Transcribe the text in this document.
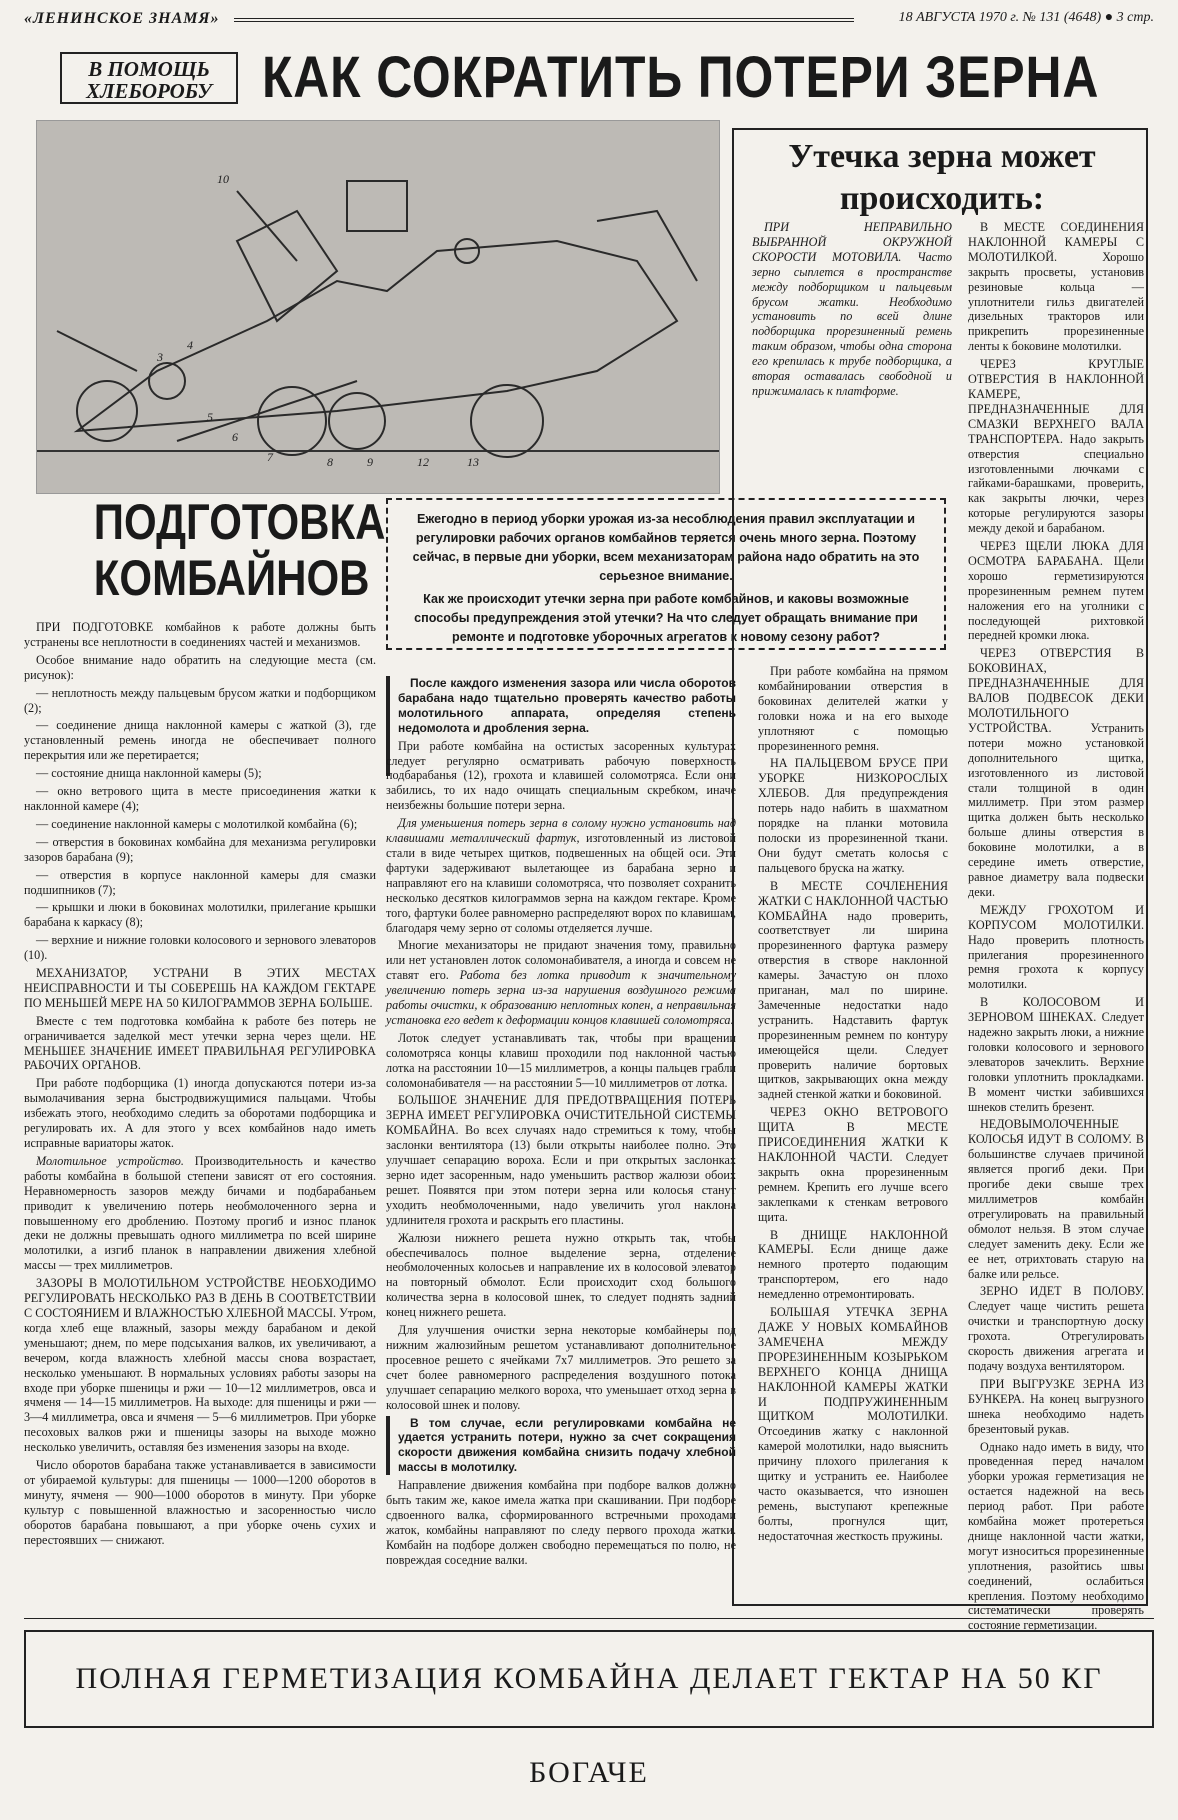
«ЛЕНИНСКОЕ ЗНАМЯ»	18 АВГУСТА 1970 г. № 131 (4648) ● 3 стр.
В ПОМОЩЬ ХЛЕБОРОБУ КАК СОКРАТИТЬ ПОТЕРИ ЗЕРНА
10
3
4
5
6
7	8	9	12	13
ПОДГОТОВКА КОМБАЙНОВ

Ежегодно в период уборки урожая из-за несоблюдения правил эксплуатации и регулировки рабочих органов комбайнов теряется очень много зерна. Поэтому сейчас, в первые дни уборки, всем механизаторам района надо обратить на это серьезное внимание.

Как же происходит утечки зерна при работе комбайнов, и каковы возможные способы предупреждения этой утечки? На что следует обращать внимание при ремонте и подготовке уборочных агрегатов к новому сезону работ?

Утечка зерна может происходить:

ПРИ НЕПРАВИЛЬНО ВЫБРАННОЙ ОКРУЖНОЙ СКОРОСТИ МОТОВИЛА. Часто зерно сыплется в пространстве между подборщиком и пальцевым брусом жатки. Необходимо установить по всей длине подборщика прорезиненный ремень таким образом, чтобы одна сторона его крепилась к трубе подборщика, а вторая оставалась свободной и прижималась к платформе.

При работе комбайна на прямом комбайнировании отверстия в боковинах делителей жатки у головки ножа и на его выходе уплотняют с помощью прорезиненного ремня.

НА ПАЛЬЦЕВОМ БРУСЕ ПРИ УБОРКЕ НИЗКОРОСЛЫХ ХЛЕБОВ. Для предупреждения потерь надо набить в шахматном порядке на планки мотовила полоски из прорезиненной ткани. Они будут сметать колосья с пальцевого бруска на жатку.

В МЕСТЕ СОЧЛЕНЕНИЯ ЖАТКИ С НАКЛОННОЙ ЧАСТЬЮ КОМБАЙНА надо проверить, соответствует ли ширина прорезиненного фартука размеру отверстия в створе наклонной камеры. Зачастую он плохо приганан, мал по ширине. Замеченные недостатки надо устранить. Надставить фартук прорезиненным ремнем по контуру имеющейся щели. Следует проверить наличие бортовых щитков, закрывающих окна между задней стенкой жатки и боковиной.

ЧЕРЕЗ ОКНО ВЕТРОВОГО ЩИТА В МЕСТЕ ПРИСОЕДИНЕНИЯ ЖАТКИ К НАКЛОННОЙ ЧАСТИ. Следует закрыть окна прорезиненным ремнем. Крепить его лучше всего заклепками к стенкам ветрового щита.

В ДНИЩЕ НАКЛОННОЙ КАМЕРЫ. Если днище даже немного протерто подающим транспортером, его надо немедленно отремонтировать.

БОЛЬШАЯ УТЕЧКА ЗЕРНА ДАЖЕ У НОВЫХ КОМБАЙНОВ ЗАМЕЧЕНА МЕЖДУ ПРОРЕЗИНЕННЫМ КОЗЫРЬКОМ ВЕРХНЕГО КОНЦА ДНИЩА НАКЛОННОЙ КАМЕРЫ ЖАТКИ И ПОДПРУЖИНЕННЫМ ЩИТКОМ МОЛОТИЛКИ. Отсоединив жатку с наклонной камерой молотилки, надо выяснить причину плохого прилегания к щитку и устранить ее. Наиболее часто оказывается, что изношен ремень, выступают крепежные болты, прогнулся щит, недостаточная жесткость пружины.

В МЕСТЕ СОЕДИНЕНИЯ НАКЛОННОЙ КАМЕРЫ С МОЛОТИЛКОЙ. Хорошо закрыть просветы, установив резиновые кольца — уплотнители гильз двигателей дизельных тракторов или прикрепить прорезиненные ленты к боковине молотилки.

ЧЕРЕЗ КРУГЛЫЕ ОТВЕРСТИЯ В НАКЛОННОЙ КАМЕРЕ, ПРЕДНАЗНАЧЕННЫЕ ДЛЯ СМАЗКИ ВЕРХНЕГО ВАЛА ТРАНСПОРТЕРА. Надо закрыть отверстия специально изготовленными лючками с гайками-барашками, проверить, как закрыты лючки, через которые регулируются зазоры между декой и барабаном.

ЧЕРЕЗ ЩЕЛИ ЛЮКА ДЛЯ ОСМОТРА БАРАБАНА. Щели хорошо герметизируются прорезиненным ремнем путем наложения его на уголники с последующей рихтовкой передней кромки люка.

ЧЕРЕЗ ОТВЕРСТИЯ В БОКОВИНАХ, ПРЕДНАЗНАЧЕННЫЕ ДЛЯ ВАЛОВ ПОДВЕСОК ДЕКИ МОЛОТИЛЬНОГО УСТРОЙСТВА. Устранить потери можно установкой дополнительного щитка, изготовленного из листовой стали толщиной в один миллиметр. При этом размер щитка должен быть несколько больше длины отверстия в боковине молотилки, а в середине иметь отверстие, равное диаметру вала подвески деки.

МЕЖДУ ГРОХОТОМ И КОРПУСОМ МОЛОТИЛКИ. Надо проверить плотность прилегания прорезиненного ремня грохота к корпусу молотилки.

В КОЛОСОВОМ И ЗЕРНОВОМ ШНЕКАХ. Следует надежно закрыть люки, а нижние головки колосового и зернового элеваторов зачеклить. Верхние головки уплотнить прокладками. В момент чистки забившихся шнеков стелить брезент.

НЕДОВЫМОЛОЧЕННЫЕ КОЛОСЬЯ ИДУТ В СОЛОМУ. В большинстве случаев причиной является прогиб деки. При прогибе деки свыше трех миллиметров комбайн отрегулировать на правильный обмолот нельзя. В этом случае следует заменить деку. Если же ее нет, отрихтовать старую на балке или рельсе.

ЗЕРНО ИДЕТ В ПОЛОВУ. Следует чаще чистить решета очистки и транспортную доску грохота. Отрегулировать скорость движения агрегата и подачу воздуха вентилятором.

ПРИ ВЫГРУЗКЕ ЗЕРНА ИЗ БУНКЕРА. На конец выгрузного шнека необходимо надеть брезентовый рукав.

Однако надо иметь в виду, что проведенная перед началом уборки урожая герметизация не остается надежной на весь период работ. При работе комбайна может протереться днище наклонной части жатки, могут износиться прорезиненные уплотнения, разойтись швы соединений, ослабиться крепления. Поэтому необходимо систематически проверять состояние герметизации.

ПРИ ПОДГОТОВКЕ комбайнов к работе должны быть устранены все неплотности в соединениях частей и механизмов.

Особое внимание надо обратить на следующие места (см. рисунок):

— неплотность между пальцевым брусом жатки и подборщиком (2);

— соединение днища наклонной камеры с жаткой (3), где установленный ремень иногда не обеспечивает полного перекрытия или же перетирается;

— состояние днища наклонной камеры (5);

— окно ветрового щита в месте присоединения жатки к наклонной камере (4);

— соединение наклонной камеры с молотилкой комбайна (6);

— отверстия в боковинах комбайна для механизма регулировки зазоров барабана (9);

— отверстия в корпусе наклонной камеры для смазки подшипников (7);

— крышки и люки в боковинах молотилки, прилегание крышки барабана к каркасу (8);

— верхние и нижние головки колосового и зернового элеваторов (10).

МЕХАНИЗАТОР, УСТРАНИ В ЭТИХ МЕСТАХ НЕИСПРАВНОСТИ И ТЫ СОБЕРЕШЬ НА КАЖДОМ ГЕКТАРЕ ПО МЕНЬШЕЙ МЕРЕ НА 50 КИЛОГРАММОВ ЗЕРНА БОЛЬШЕ.

Вместе с тем подготовка комбайна к работе без потерь не ограничивается заделкой мест утечки зерна через щели. НЕ МЕНЬШЕЕ ЗНАЧЕНИЕ ИМЕЕТ ПРАВИЛЬНАЯ РЕГУЛИРОВКА РАБОЧИХ ОРГАНОВ.

При работе подборщика (1) иногда допускаются потери из-за вымолачивания зерна быстродвижущимися пальцами. Чтобы избежать этого, необходимо следить за оборотами подборщика и регулировать их. А для этого у всех комбайнов надо иметь исправные вариаторы жаток.

Молотильное устройство. Производительность и качество работы комбайна в большой степени зависят от его состояния. Неравномерность зазоров между бичами и подбарабаньем приводит к увеличению потерь необмолоченного зерна и повышенному его дроблению. Поэтому прогиб и износ планок деки не должны превышать одного миллиметра по всей ширине молотилки, а изгиб планок в направлении движения хлебной массы — трех миллиметров.

ЗАЗОРЫ В МОЛОТИЛЬНОМ УСТРОЙСТВЕ НЕОБХОДИМО РЕГУЛИРОВАТЬ НЕСКОЛЬКО РАЗ В ДЕНЬ В СООТВЕТСТВИИ С СОСТОЯНИЕМ И ВЛАЖНОСТЬЮ ХЛЕБНОЙ МАССЫ. Утром, когда хлеб еще влажный, зазоры между барабаном и декой уменьшают; днем, по мере подсыхания валков, их увеличивают, а вечером, когда влажность хлебной массы снова возрастает, несколько уменьшают. В нормальных условиях работы зазоры на входе при уборке пшеницы и ржи — 10—12 миллиметров, овса и ячменя — 14—15 миллиметров. На выходе: для пшеницы и ржи — 3—4 миллиметра, овса и ячменя — 5—6 миллиметров. При уборке песоховых валков ржи и пшеницы зазоры на выходе можно несколько увеличить, оставляя без изменения зазоры на входе.

Число оборотов барабана также устанавливается в зависимости от убираемой культуры: для пшеницы — 1000—1200 оборотов в минуту, ячменя — 900—1000 оборотов в минуту. При уборке культур с повышенной влажностью и засоренностью число оборотов барабана повышают, а при уборке очень сухих и перестоявших — снижают.

После каждого изменения зазора или числа оборотов барабана надо тщательно проверять качество работы молотильного аппарата, определяя степень недомолота и дробления зерна.

При работе комбайна на остистых засоренных культурах следует регулярно осматривать рабочую поверхность подбарабанья (12), грохота и клавишей соломотряса. Если они забились, то их надо очищать специальным скребком, иначе неизбежны большие потери зерна.

Для уменьшения потерь зерна в солому нужно установить над клавишами металлический фартук, изготовленный из листовой стали в виде четырех щитков, подвешенных на общей оси. Эти фартуки задерживают вылетающее из барабана зерно и направляют его на клавиши соломотряса, что позволяет сохранить несколько десятков килограммов зерна на каждом гектаре. Кроме того, фартуки более равномерно распределяют ворох по клавишам, благодаря чему зерно от соломы отделяется лучше.

Многие механизаторы не придают значения тому, правильно или нет установлен лоток соломонабивателя, а иногда и совсем не ставят его. Работа без лотка приводит к значительному увеличению потерь зерна из-за нарушения воздушного режима работы очистки, к образованию неплотных копен, а неправильная установка его ведет к деформации концов клавишей соломотряса.

Лоток следует устанавливать так, чтобы при вращении соломотряса концы клавиш проходили под наклонной частью лотка на расстоянии 10—15 миллиметров, а концы пальцев грабли соломонабивателя — на расстоянии 5—10 миллиметров от лотка.

БОЛЬШОЕ ЗНАЧЕНИЕ ДЛЯ ПРЕДОТВРАЩЕНИЯ ПОТЕРЬ ЗЕРНА ИМЕЕТ РЕГУЛИРОВКА ОЧИСТИТЕЛЬНОЙ СИСТЕМЫ КОМБАЙНА. Во всех случаях надо стремиться к тому, чтобы заслонки вентилятора (13) были открыты наиболее полно. Это улучшает сепарацию вороха. Если и при открытых заслонках зерно идет засоренным, надо уменьшить раствор жалюзи обоих решет. Появятся при этом потери зерна или колосья станут уходить необмолоченными, надо увеличить угол наклона удлинителя грохота и раскрыть его пластины.

Жалюзи нижнего решета нужно открыть так, чтобы обеспечивалось полное выделение зерна, отделение необмолоченных колосьев и направление их в колосовой элеватор на повторный обмолот. Если происходит сход большого количества зерна в колосовой шнек, то следует поднять задний конец нижнего решета.

Для улучшения очистки зерна некоторые комбайнеры под нижним жалюзийным решетом устанавливают дополнительное просевное решето с ячейками 7x7 миллиметров. Это решето за счет более равномерного распределения воздушного потока улучшает сепарацию мелкого вороха, что уменьшает отход зерна в колосовой шнек и полову.

В том случае, если регулировками комбайна не удается устранить потери, нужно за счет сокращения скорости движения комбайна снизить подачу хлебной массы в молотилку.

Направление движения комбайна при подборе валков должно быть таким же, какое имела жатка при скашивании. При подборе сдвоенного валка, сформированного встречными проходами жаток, комбайны направляют по следу первого прохода жатки. Комбайн на подборе должен свободно перемещаться по полю, не повреждая соседние валки.

ПОЛНАЯ ГЕРМЕТИЗАЦИЯ КОМБАЙНА ДЕЛАЕТ ГЕКТАР НА 50 КГ БОГАЧЕ
